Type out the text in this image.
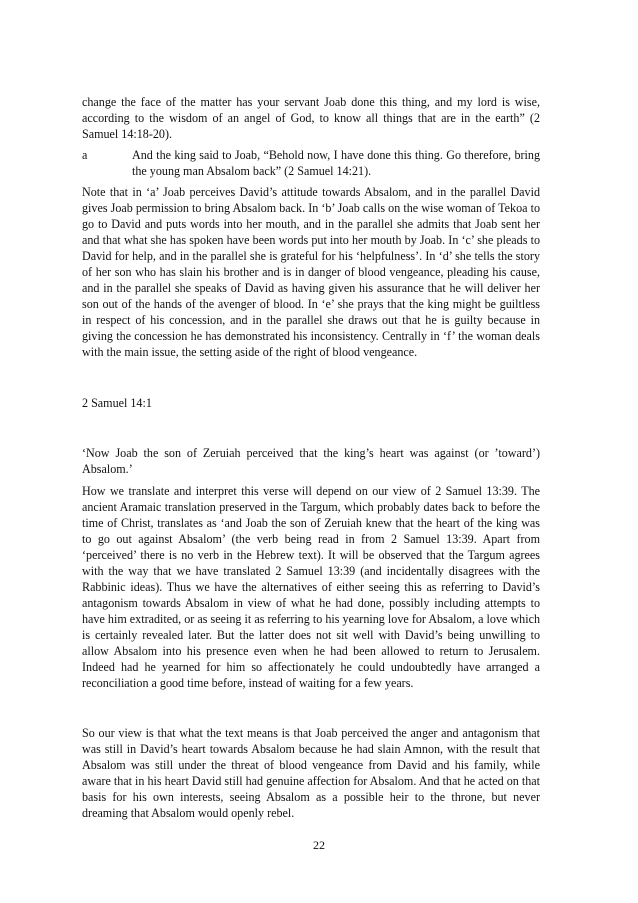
change the face of the matter has your servant Joab done this thing, and my lord is wise, according to the wisdom of an angel of God, to know all things that are in the earth” (2 Samuel 14:18-20).

a	And the king said to Joab, “Behold now, I have done this thing. Go therefore, bring the young man Absalom back” (2 Samuel 14:21).

Note that in ‘a’ Joab perceives David’s attitude towards Absalom, and in the parallel David gives Joab permission to bring Absalom back. In ‘b’ Joab calls on the wise woman of Tekoa to go to David and puts words into her mouth, and in the parallel she admits that Joab sent her and that what she has spoken have been words put into her mouth by Joab. In ‘c’ she pleads to David for help, and in the parallel she is grateful for his ‘helpfulness’. In ‘d’ she tells the story of her son who has slain his brother and is in danger of blood vengeance, pleading his cause, and in the parallel she speaks of David as having given his assurance that he will deliver her son out of the hands of the avenger of blood. In ‘e’ she prays that the king might be guiltless in respect of his concession, and in the parallel she draws out that he is guilty because in giving the concession he has demonstrated his inconsistency. Centrally in ‘f’ the woman deals with the main issue, the setting aside of the right of blood vengeance.

2 Samuel 14:1

‘Now Joab the son of Zeruiah perceived that the king’s heart was against (or ’toward’) Absalom.’

How we translate and interpret this verse will depend on our view of 2 Samuel 13:39. The ancient Aramaic translation preserved in the Targum, which probably dates back to before the time of Christ, translates as ‘and Joab the son of Zeruiah knew that the heart of the king was to go out against Absalom’ (the verb being read in from 2 Samuel 13:39. Apart from ‘perceived’ there is no verb in the Hebrew text). It will be observed that the Targum agrees with the way that we have translated 2 Samuel 13:39 (and incidentally disagrees with the Rabbinic ideas). Thus we have the alternatives of either seeing this as referring to David’s antagonism towards Absalom in view of what he had done, possibly including attempts to have him extradited, or as seeing it as referring to his yearning love for Absalom, a love which is certainly revealed later. But the latter does not sit well with David’s being unwilling to allow Absalom into his presence even when he had been allowed to return to Jerusalem. Indeed had he yearned for him so affectionately he could undoubtedly have arranged a reconciliation a good time before, instead of waiting for a few years.

So our view is that what the text means is that Joab perceived the anger and antagonism that was still in David’s heart towards Absalom because he had slain Amnon, with the result that Absalom was still under the threat of blood vengeance from David and his family, while aware that in his heart David still had genuine affection for Absalom. And that he acted on that basis for his own interests, seeing Absalom as a possible heir to the throne, but never dreaming that Absalom would openly rebel.

22
